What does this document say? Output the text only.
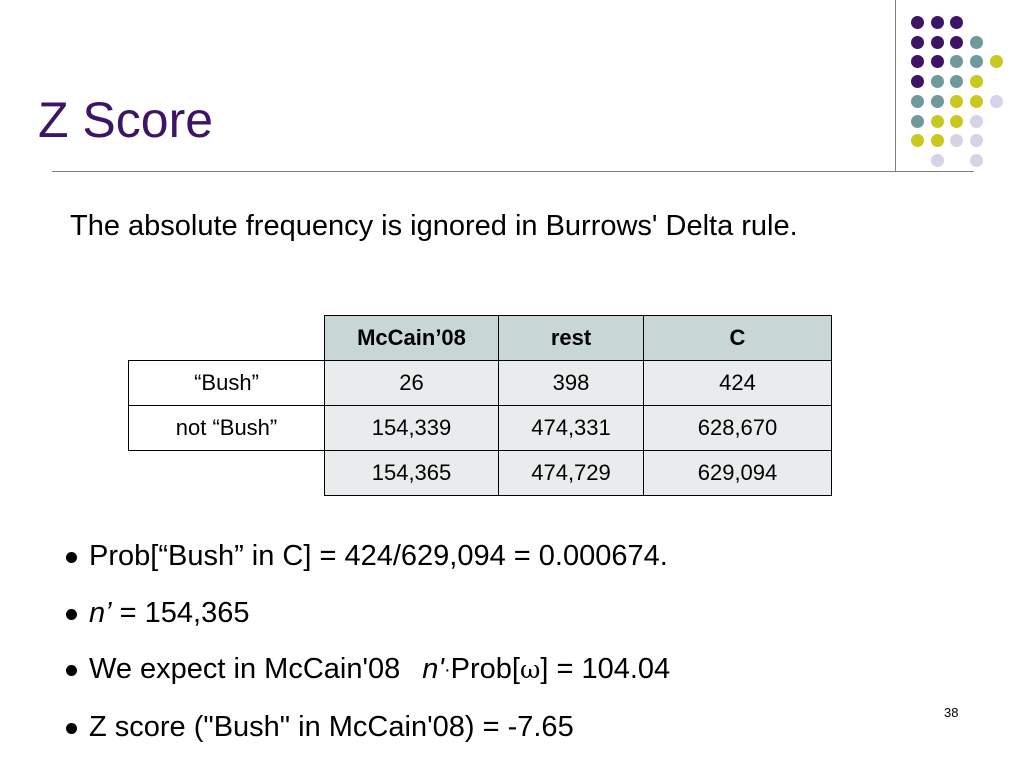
Z Score
The absolute frequency is ignored in Burrows' Delta rule.
	McCain’08	rest	C
“Bush”	26	398	424
not “Bush”	154,339	474,331	628,670
	154,365	474,729	629,094
Prob[“Bush” in C] = 424/629,094 = 0.000674.
n’ = 154,365
We expect in McCain'08 n'·Prob[ω] = 104.04
Z score ("Bush" in McCain'08) = -7.65	38
